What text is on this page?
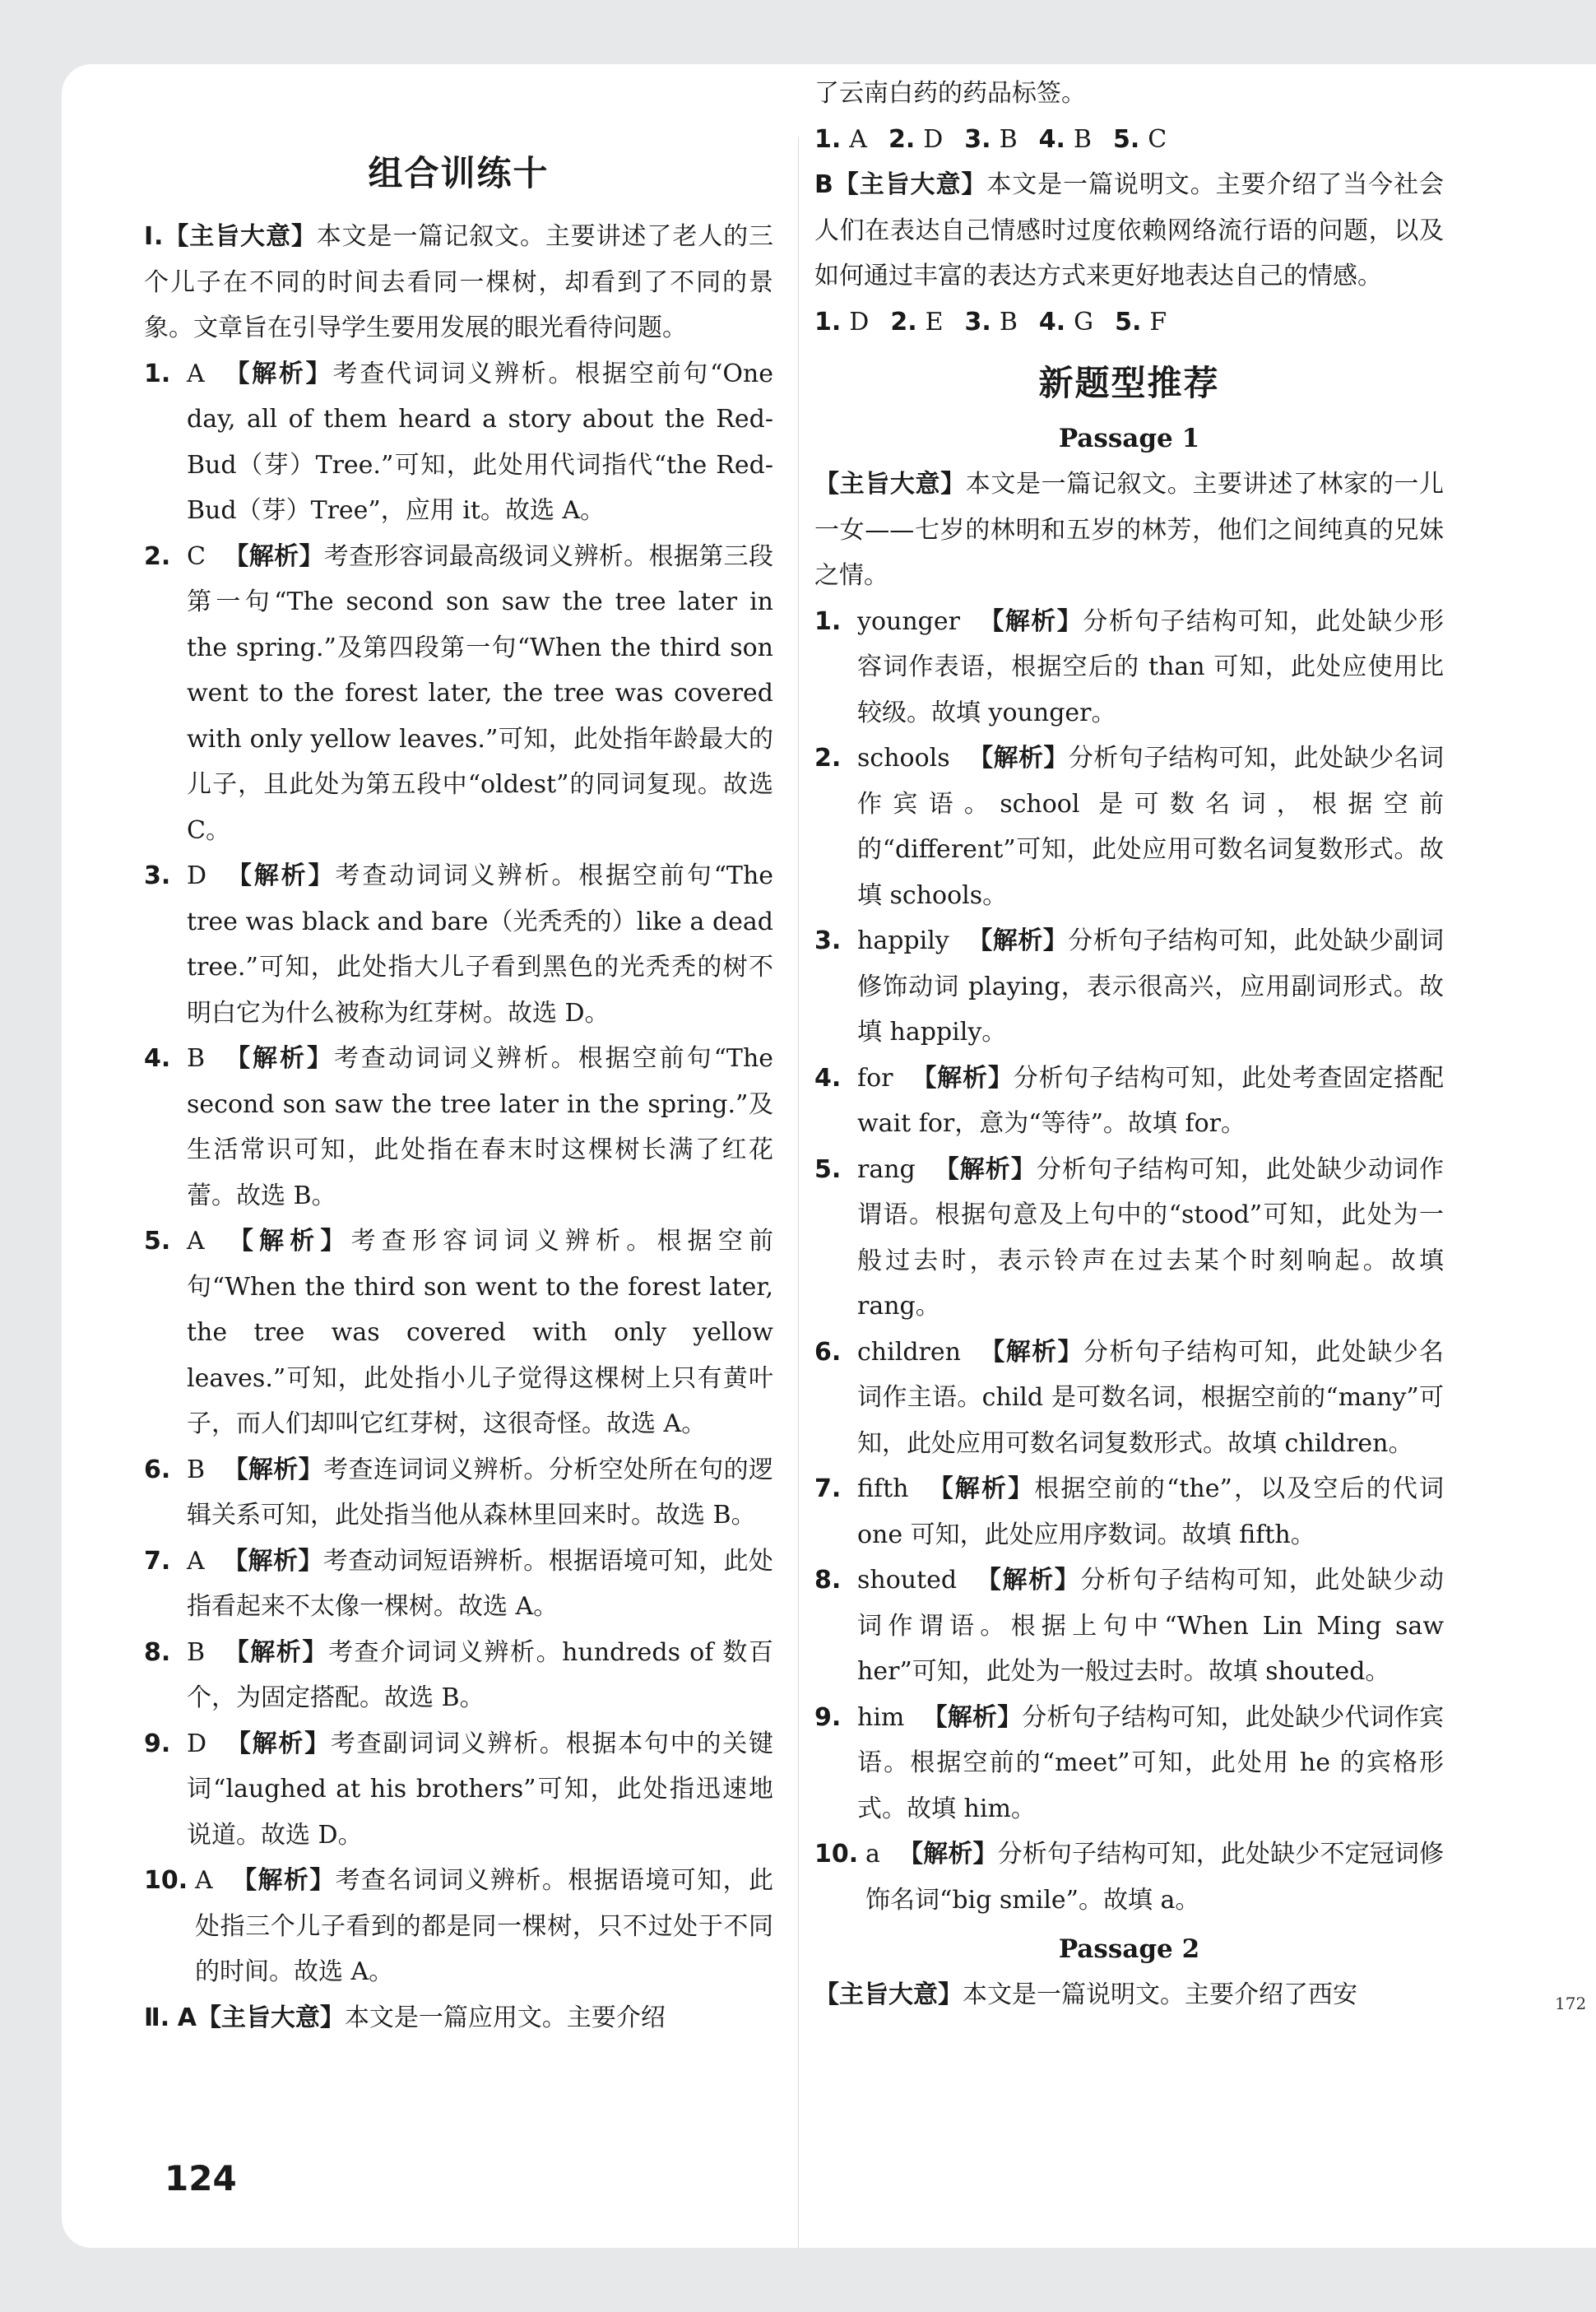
组合训练十

Ⅰ.【主旨大意】本文是一篇记叙文。主要讲述了老人的三个儿子在不同的时间去看同一棵树，却看到了不同的景象。文章旨在引导学生要用发展的眼光看待问题。

1. A 【解析】考查代词词义辨析。根据空前句“One day, all of them heard a story about the Red-Bud（芽）Tree.”可知，此处用代词指代“the Red-Bud（芽）Tree”，应用 it。故选 A。
2. C 【解析】考查形容词最高级词义辨析。根据第三段第一句“The second son saw the tree later in the spring.”及第四段第一句“When the third son went to the forest later, the tree was covered with only yellow leaves.”可知，此处指年龄最大的儿子，且此处为第五段中“oldest”的同词复现。故选 C。
3. D 【解析】考查动词词义辨析。根据空前句“The tree was black and bare（光秃秃的）like a dead tree.”可知，此处指大儿子看到黑色的光秃秃的树不明白它为什么被称为红芽树。故选 D。
4. B 【解析】考查动词词义辨析。根据空前句“The second son saw the tree later in the spring.”及生活常识可知，此处指在春末时这棵树长满了红花蕾。故选 B。
5. A 【解析】考查形容词词义辨析。根据空前句“When the third son went to the forest later, the tree was covered with only yellow leaves.”可知，此处指小儿子觉得这棵树上只有黄叶子，而人们却叫它红芽树，这很奇怪。故选 A。
6. B 【解析】考查连词词义辨析。分析空处所在句的逻辑关系可知，此处指当他从森林里回来时。故选 B。
7. A 【解析】考查动词短语辨析。根据语境可知，此处指看起来不太像一棵树。故选 A。
8. B 【解析】考查介词词义辨析。hundreds of 数百个，为固定搭配。故选 B。
9. D 【解析】考查副词词义辨析。根据本句中的关键词“laughed at his brothers”可知，此处指迅速地说道。故选 D。
10. A 【解析】考查名词词义辨析。根据语境可知，此处指三个儿子看到的都是同一棵树，只不过处于不同的时间。故选 A。

Ⅱ. A【主旨大意】本文是一篇应用文。主要介绍

了云南白药的药品标签。

1. A 2. D 3. B 4. B 5. C

B【主旨大意】本文是一篇说明文。主要介绍了当今社会人们在表达自己情感时过度依赖网络流行语的问题，以及如何通过丰富的表达方式来更好地表达自己的情感。

1. D 2. E 3. B 4. G 5. F
新题型推荐
Passage 1

【主旨大意】本文是一篇记叙文。主要讲述了林家的一儿一女——七岁的林明和五岁的林芳，他们之间纯真的兄妹之情。

1. younger 【解析】分析句子结构可知，此处缺少形容词作表语，根据空后的 than 可知，此处应使用比较级。故填 younger。
2. schools 【解析】分析句子结构可知，此处缺少名词作宾语。school 是可数名词，根据空前的“different”可知，此处应用可数名词复数形式。故填 schools。
3. happily 【解析】分析句子结构可知，此处缺少副词修饰动词 playing，表示很高兴，应用副词形式。故填 happily。
4. for 【解析】分析句子结构可知，此处考查固定搭配 wait for，意为“等待”。故填 for。
5. rang 【解析】分析句子结构可知，此处缺少动词作谓语。根据句意及上句中的“stood”可知，此处为一般过去时，表示铃声在过去某个时刻响起。故填 rang。
6. children 【解析】分析句子结构可知，此处缺少名词作主语。child 是可数名词，根据空前的“many”可知，此处应用可数名词复数形式。故填 children。
7. fifth 【解析】根据空前的“the”，以及空后的代词 one 可知，此处应用序数词。故填 fifth。
8. shouted 【解析】分析句子结构可知，此处缺少动词作谓语。根据上句中“When Lin Ming saw her”可知，此处为一般过去时。故填 shouted。
9. him 【解析】分析句子结构可知，此处缺少代词作宾语。根据空前的“meet”可知，此处用 he 的宾格形式。故填 him。
10. a 【解析】分析句子结构可知，此处缺少不定冠词修饰名词“big smile”。故填 a。
Passage 2

【主旨大意】本文是一篇说明文。主要介绍了西安

124
172
